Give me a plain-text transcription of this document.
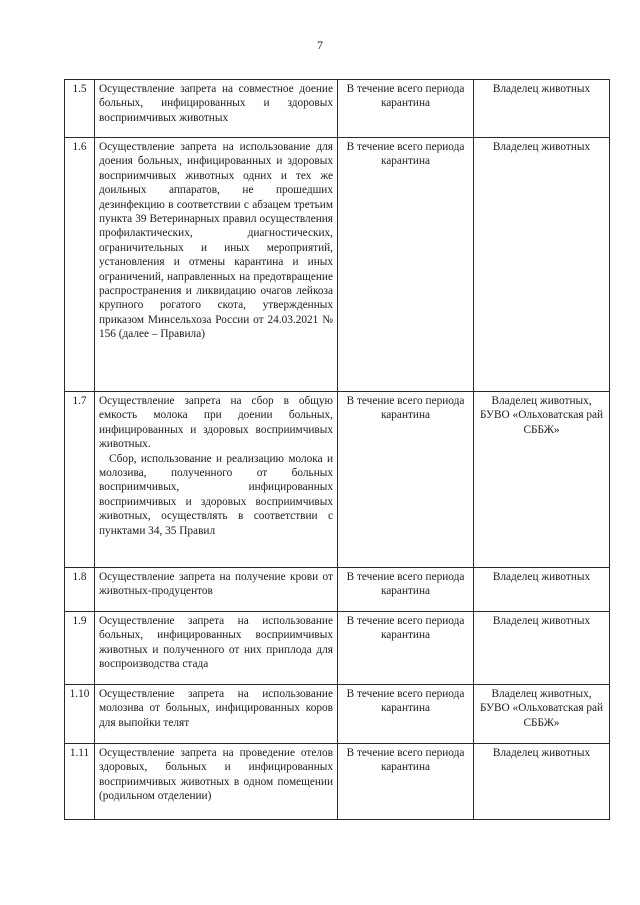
7
1.5	Осуществление запрета на совместное доение больных, инфицированных и здоровых восприимчивых животных	В течение всего периода карантина	Владелец животных
1.6	Осуществление запрета на использование для доения больных, инфицированных и здоровых восприимчивых животных одних и тех же доильных аппаратов, не прошедших дезинфекцию в соответствии с абзацем третьим пункта 39 Ветеринарных правил осуществления профилактических, диагностических, ограничительных и иных мероприятий, установления и отмены карантина и иных ограничений, направленных на предотвращение распространения и ликвидацию очагов лейкоза крупного рогатого скота, утвержденных приказом Минсельхоза России от 24.03.2021 № 156 (далее – Правила)	В течение всего периода карантина	Владелец животных
1.7	Осуществление запрета на сбор в общую емкость молока при доении больных, инфицированных и здоровых восприимчивых животных.
Сбор, использование и реализацию молока и молозива, полученного от больных восприимчивых, инфицированных восприимчивых и здоровых восприимчивых животных, осуществлять в соответствии с пунктами 34, 35 Правил	В течение всего периода карантина	Владелец животных, БУВО «Ольховатская рай СББЖ»
1.8	Осуществление запрета на получение крови от животных-продуцентов	В течение всего периода карантина	Владелец животных
1.9	Осуществление запрета на использование больных, инфицированных восприимчивых животных и полученного от них приплода для воспроизводства стада	В течение всего периода карантина	Владелец животных
1.10	Осуществление запрета на использование молозива от больных, инфицированных коров для выпойки телят	В течение всего периода карантина	Владелец животных, БУВО «Ольховатская рай СББЖ»
1.11	Осуществление запрета на проведение отелов здоровых, больных и инфицированных восприимчивых животных в одном помещении (родильном отделении)	В течение всего периода карантина	Владелец животных
